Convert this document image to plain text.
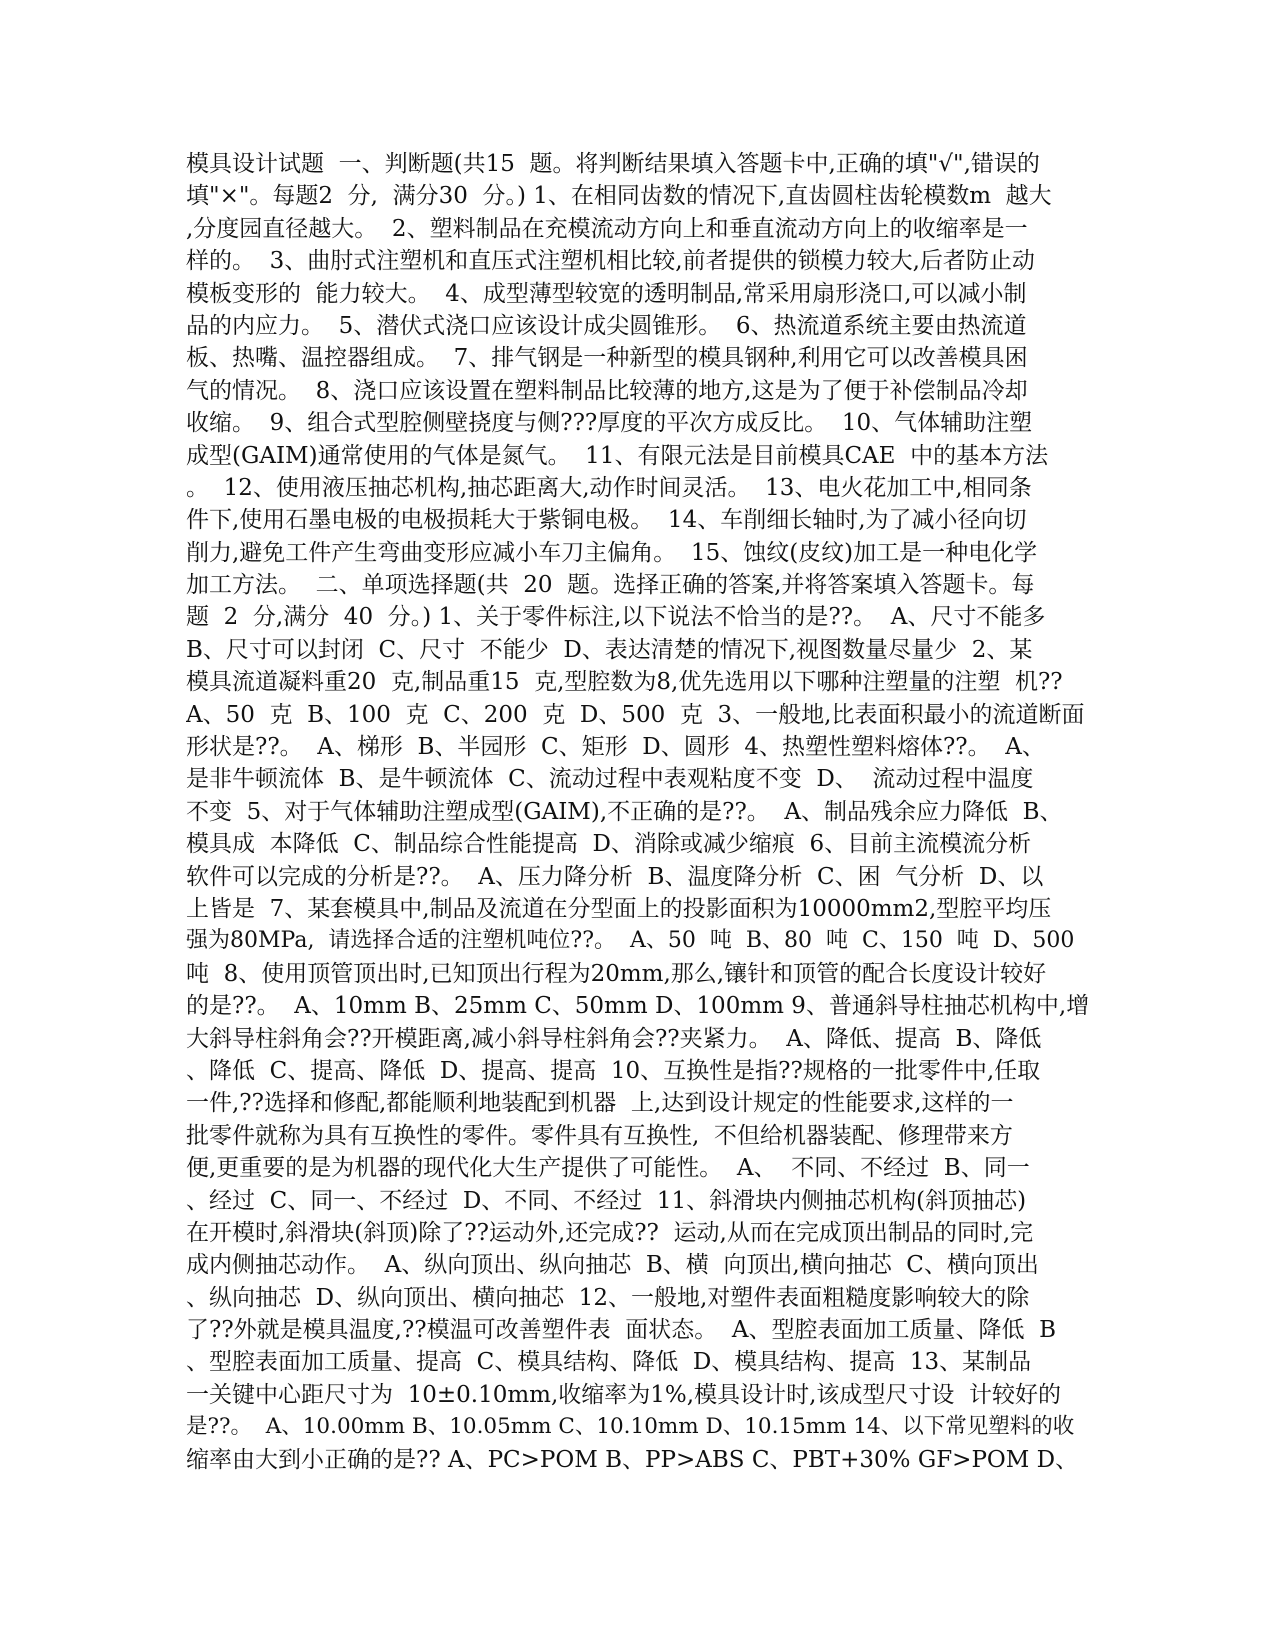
模具设计试题  一、判断题(共15  题。将判断结果填入答题卡中,正确的填"√",错误的
填"×"。每题2  分,  满分30  分。) 1、在相同齿数的情况下,直齿圆柱齿轮模数m  越大
,分度园直径越大。  2、塑料制品在充模流动方向上和垂直流动方向上的收缩率是一
样的。  3、曲肘式注塑机和直压式注塑机相比较,前者提供的锁模力较大,后者防止动
模板变形的  能力较大。  4、成型薄型较宽的透明制品,常采用扇形浇口,可以减小制
品的内应力。  5、潜伏式浇口应该设计成尖圆锥形。  6、热流道系统主要由热流道
板、热嘴、温控器组成。  7、排气钢是一种新型的模具钢种,利用它可以改善模具困
气的情况。  8、浇口应该设置在塑料制品比较薄的地方,这是为了便于补偿制品冷却
收缩。  9、组合式型腔侧壁挠度与侧???厚度的平次方成反比。  10、气体辅助注塑
成型(GAIM)通常使用的气体是氮气。  11、有限元法是目前模具CAE  中的基本方法
。  12、使用液压抽芯机构,抽芯距离大,动作时间灵活。  13、电火花加工中,相同条
件下,使用石墨电极的电极损耗大于紫铜电极。  14、车削细长轴时,为了减小径向切
削力,避免工件产生弯曲变形应减小车刀主偏角。  15、蚀纹(皮纹)加工是一种电化学
加工方法。  二、单项选择题(共  20  题。选择正确的答案,并将答案填入答题卡。每
题  2  分,满分  40  分。) 1、关于零件标注,以下说法不恰当的是??。  A、尺寸不能多
B、尺寸可以封闭  C、尺寸  不能少  D、表达清楚的情况下,视图数量尽量少  2、某
模具流道凝料重20  克,制品重15  克,型腔数为8,优先选用以下哪种注塑量的注塑  机??
A、50  克  B、100  克  C、200  克  D、500  克  3、一般地,比表面积最小的流道断面
形状是??。  A、梯形  B、半园形  C、矩形  D、圆形  4、热塑性塑料熔体??。  A、
是非牛顿流体  B、是牛顿流体  C、流动过程中表观粘度不变  D、  流动过程中温度
不变  5、对于气体辅助注塑成型(GAIM),不正确的是??。  A、制品残余应力降低  B、
模具成  本降低  C、制品综合性能提高  D、消除或减少缩痕  6、目前主流模流分析
软件可以完成的分析是??。  A、压力降分析  B、温度降分析  C、困  气分析  D、以
上皆是  7、某套模具中,制品及流道在分型面上的投影面积为10000mm2,型腔平均压
强为80MPa,  请选择合适的注塑机吨位??。  A、50  吨  B、80  吨  C、150  吨  D、500
吨  8、使用顶管顶出时,已知顶出行程为20mm,那么,镶针和顶管的配合长度设计较好
的是??。  A、10mm B、25mm C、50mm D、100mm 9、普通斜导柱抽芯机构中,增
大斜导柱斜角会??开模距离,减小斜导柱斜角会??夹紧力。  A、降低、提高  B、降低
、降低  C、提高、降低  D、提高、提高  10、互换性是指??规格的一批零件中,任取
一件,??选择和修配,都能顺利地装配到机器  上,达到设计规定的性能要求,这样的一
批零件就称为具有互换性的零件。零件具有互换性,  不但给机器装配、修理带来方
便,更重要的是为机器的现代化大生产提供了可能性。  A、  不同、不经过  B、同一
、经过  C、同一、不经过  D、不同、不经过  11、斜滑块内侧抽芯机构(斜顶抽芯)
在开模时,斜滑块(斜顶)除了??运动外,还完成??  运动,从而在完成顶出制品的同时,完
成内侧抽芯动作。  A、纵向顶出、纵向抽芯  B、横  向顶出,横向抽芯  C、横向顶出
、纵向抽芯  D、纵向顶出、横向抽芯  12、一般地,对塑件表面粗糙度影响较大的除
了??外就是模具温度,??模温可改善塑件表  面状态。  A、型腔表面加工质量、降低  B
、型腔表面加工质量、提高  C、模具结构、降低  D、模具结构、提高  13、某制品
一关键中心距尺寸为  10±0.10mm,收缩率为1%,模具设计时,该成型尺寸设  计较好的
是??。  A、10.00mm B、10.05mm C、10.10mm D、10.15mm 14、以下常见塑料的收
缩率由大到小正确的是?? A、PC>POM B、PP>ABS C、PBT+30% GF>POM D、
